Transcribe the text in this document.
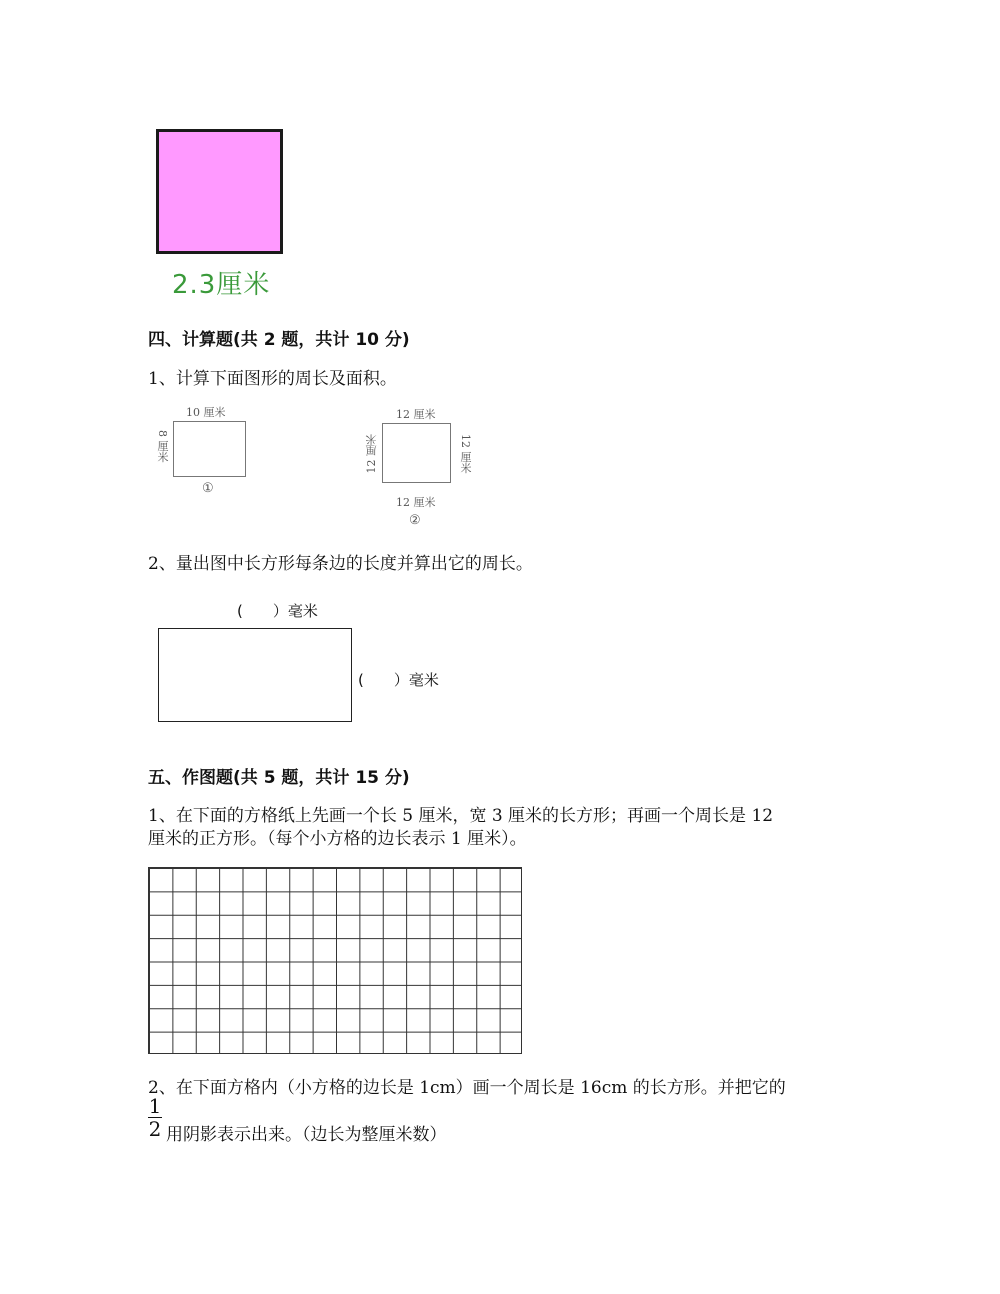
2.3厘米
四、计算题(共 2 题，共计 10 分)
1、计算下面图形的周长及面积。
10 厘米
8 厘米
①
12 厘米
12 厘米	12 厘米
12 厘米
②
2、量出图中长方形每条边的长度并算出它的周长。
(　　）毫米
(　　）毫米
五、作图题(共 5 题，共计 15 分)
1、在下面的方格纸上先画一个长 5 厘米，宽 3 厘米的长方形；再画一个周长是 12
厘米的正方形。（每个小方格的边长表示 1 厘米）。
2、在下面方格内（小方格的边长是 1cm）画一个周长是 16cm 的长方形。并把它的
1
2 用阴影表示出来。（边长为整厘米数）
